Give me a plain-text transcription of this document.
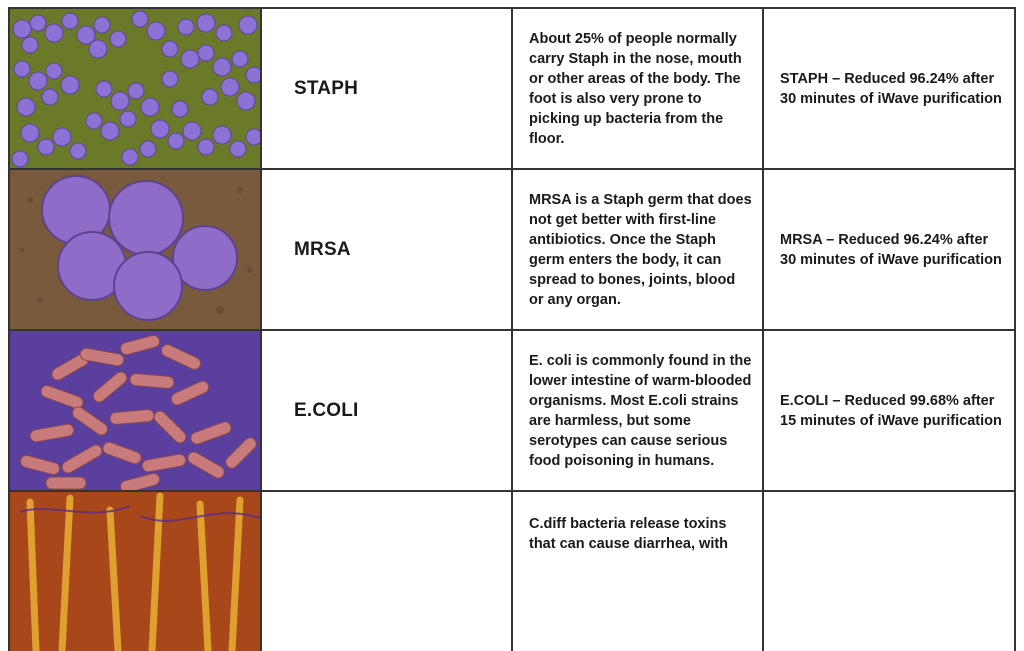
STAPH
About 25% of people normally carry Staph in the nose, mouth or other areas of the body. The foot is also very prone to picking up bacteria from the floor.
STAPH – Reduced 96.24% after 30 minutes of iWave purification
MRSA
MRSA is a Staph germ that does not get better with first-line antibiotics. Once the Staph germ enters the body, it can spread to bones, joints, blood or any organ.
MRSA – Reduced 96.24% after 30 minutes of iWave purification
E.COLI
E. coli is commonly found in the lower intestine of warm-blooded organisms. Most E.coli strains are harmless, but some serotypes can cause serious food poisoning in humans.
E.COLI – Reduced 99.68% after 15 minutes of iWave purification
C.diff bacteria release toxins that can cause diarrhea, with
